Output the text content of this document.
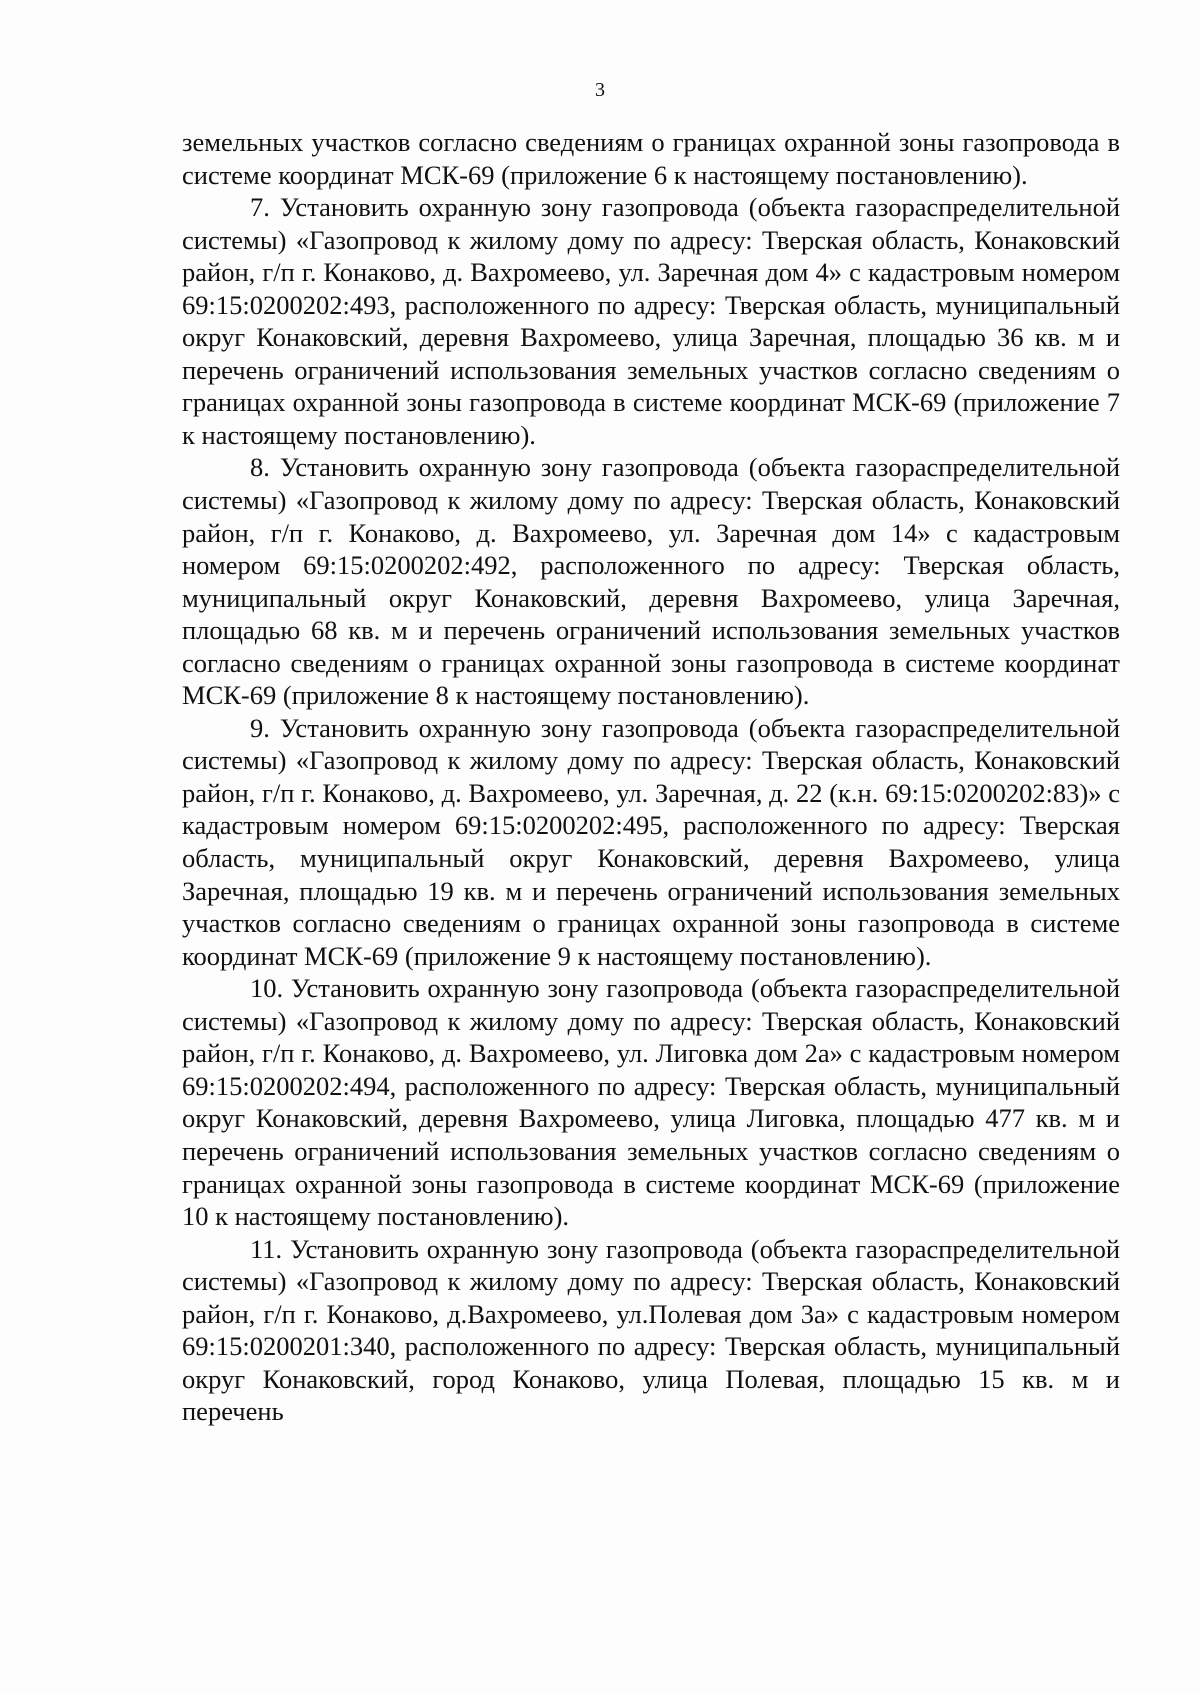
3

земельных участков согласно сведениям о границах охранной зоны газопровода в системе координат МСК-69 (приложение 6 к настоящему постановлению).

7. Установить охранную зону газопровода (объекта газораспределительной системы) «Газопровод к жилому дому по адресу: Тверская область, Конаковский район, г/п г. Конаково, д. Вахромеево, ул. Заречная дом 4» с кадастровым номером 69:15:0200202:493, расположенного по адресу: Тверская область, муниципальный округ Конаковский, деревня Вахромеево, улица Заречная, площадью 36 кв. м и перечень ограничений использования земельных участков согласно сведениям о границах охранной зоны газопровода в системе координат МСК-69 (приложение 7 к настоящему постановлению).

8. Установить охранную зону газопровода (объекта газораспределительной системы) «Газопровод к жилому дому по адресу: Тверская область, Конаковский район, г/п г. Конаково, д. Вахромеево, ул. Заречная дом 14» с кадастровым номером 69:15:0200202:492, расположенного по адресу: Тверская область, муниципальный округ Конаковский, деревня Вахромеево, улица Заречная, площадью 68 кв. м и перечень ограничений использования земельных участков согласно сведениям о границах охранной зоны газопровода в системе координат МСК-69 (приложение 8 к настоящему постановлению).

9. Установить охранную зону газопровода (объекта газораспределительной системы) «Газопровод к жилому дому по адресу: Тверская область, Конаковский район, г/п г. Конаково, д. Вахромеево, ул. Заречная, д. 22 (к.н. 69:15:0200202:83)» с кадастровым номером 69:15:0200202:495, расположенного по адресу: Тверская область, муниципальный округ Конаковский, деревня Вахромеево, улица Заречная, площадью 19 кв. м и перечень ограничений использования земельных участков согласно сведениям о границах охранной зоны газопровода в системе координат МСК-69 (приложение 9 к настоящему постановлению).

10. Установить охранную зону газопровода (объекта газораспределительной системы) «Газопровод к жилому дому по адресу: Тверская область, Конаковский район, г/п г. Конаково, д. Вахромеево, ул. Лиговка дом 2а» с кадастровым номером 69:15:0200202:494, расположенного по адресу: Тверская область, муниципальный округ Конаковский, деревня Вахромеево, улица Лиговка, площадью 477 кв. м и перечень ограничений использования земельных участков согласно сведениям о границах охранной зоны газопровода в системе координат МСК-69 (приложение 10 к настоящему постановлению).

11. Установить охранную зону газопровода (объекта газораспределительной системы) «Газопровод к жилому дому по адресу: Тверская область, Конаковский район, г/п г. Конаково, д.Вахромеево, ул.Полевая дом 3а» с кадастровым номером 69:15:0200201:340, расположенного по адресу: Тверская область, муниципальный округ Конаковский, город Конаково, улица Полевая, площадью 15 кв. м и перечень
